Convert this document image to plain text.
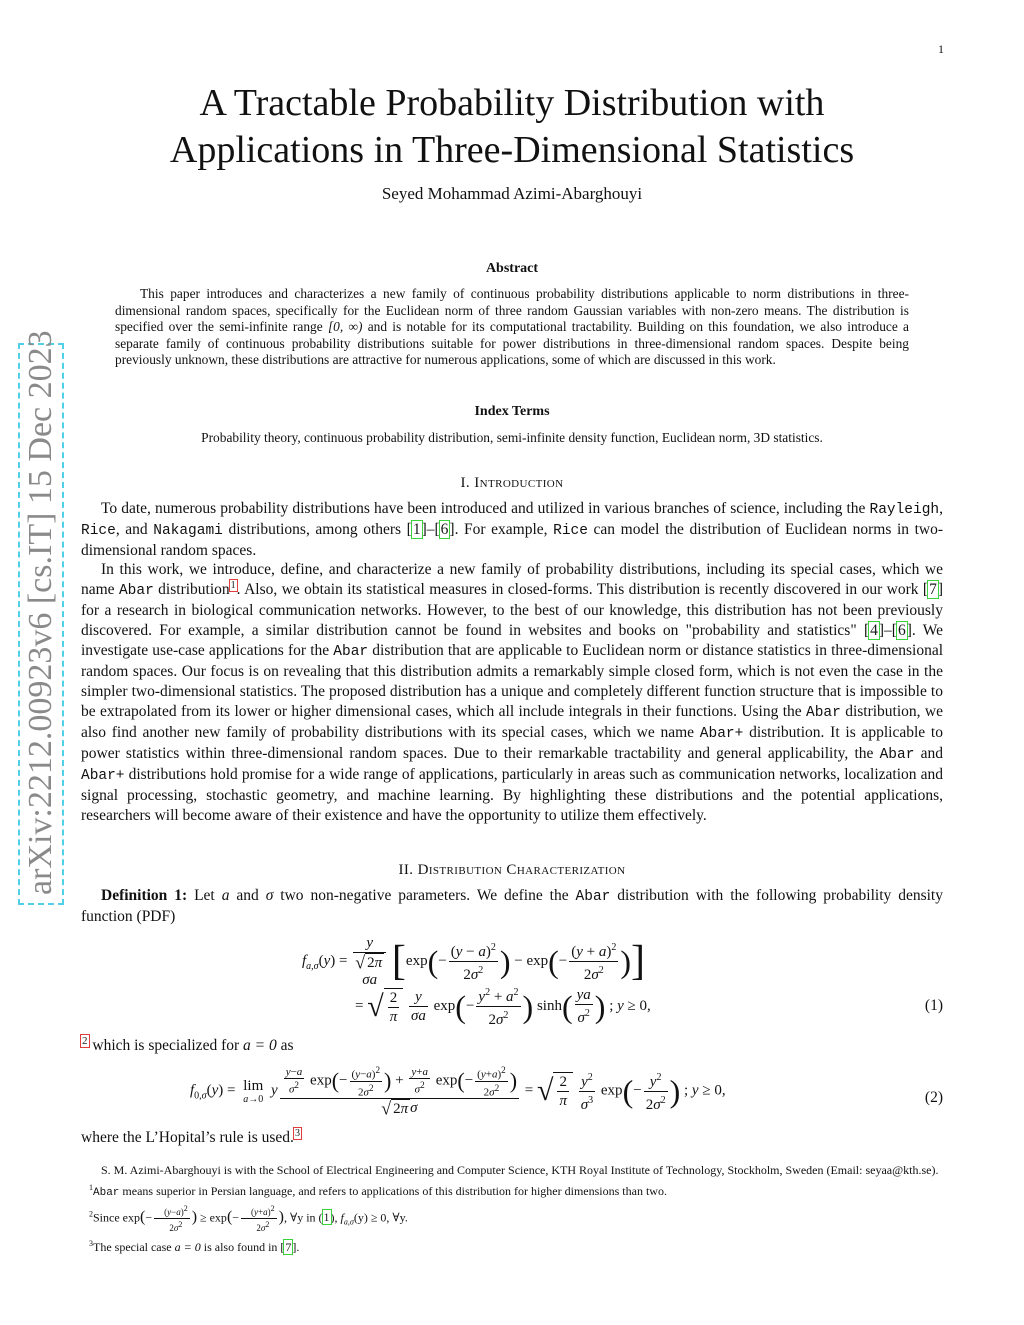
1
arXiv:2212.00923v6 [cs.IT] 15 Dec 2023
A Tractable Probability Distribution with
Applications in Three-Dimensional Statistics
Seyed Mohammad Azimi-Abarghouyi
Abstract
This paper introduces and characterizes a new family of continuous probability distributions applicable to norm distributions in three-dimensional random spaces, specifically for the Euclidean norm of three random Gaussian variables with non-zero means. The distribution is specified over the semi-infinite range [0, ∞) and is notable for its computational tractability. Building on this foundation, we also introduce a separate family of continuous probability distributions suitable for power distributions in three-dimensional random spaces. Despite being previously unknown, these distributions are attractive for numerous applications, some of which are discussed in this work.
Index Terms
Probability theory, continuous probability distribution, semi-infinite density function, Euclidean norm, 3D statistics.
I. Introduction
To date, numerous probability distributions have been introduced and utilized in various branches of science, including the Rayleigh, Rice, and Nakagami distributions, among others [1]–[6]. For example, Rice can model the distribution of Euclidean norms in two-dimensional random spaces.
In this work, we introduce, define, and characterize a new family of probability distributions, including its special cases, which we name Abar distribution$^1$. Also, we obtain its statistical measures in closed-forms. This distribution is recently discovered in our work [7] for a research in biological communication networks. However, to the best of our knowledge, this distribution has not been previously discovered. For example, a similar distribution cannot be found in websites and books on "probability and statistics" [4]–[6]. We investigate use-case applications for the Abar distribution that are applicable to Euclidean norm or distance statistics in three-dimensional random spaces. Our focus is on revealing that this distribution admits a remarkably simple closed form, which is not even the case in the simpler two-dimensional statistics. The proposed distribution has a unique and completely different function structure that is impossible to be extrapolated from its lower or higher dimensional cases, which all include integrals in their functions. Using the Abar distribution, we also find another new family of probability distributions with its special cases, which we name Abar+ distribution. It is applicable to power statistics within three-dimensional random spaces. Due to their remarkable tractability and general applicability, the Abar and Abar+ distributions hold promise for a wide range of applications, particularly in areas such as communication networks, localization and signal processing, stochastic geometry, and machine learning. By highlighting these distributions and the potential applications, researchers will become aware of their existence and have the opportunity to utilize them effectively.
II. Distribution Characterization
Definition 1: Let a and σ two non-negative parameters. We define the Abar distribution with the following probability density function (PDF)
$f_{a,\sigma}(y)$ =
y
√ 2π
σa [$\exp(- \frac{(y - a)^2}{2\sigma^2}$ ) − $\exp(- \frac{(y + a)^2}{2\sigma^2}$ )]
= √ $\frac{2}{\pi}$
$\frac{y}{\sigma a} \exp(- \frac{y^2 + a^2}{2\sigma^2}$ ) $\sinh( \frac{ya}{\sigma^2}$ ) ; y ≥ 0,	(1)
$^2$ which is specialized for a = 0 as
$f_{0,\sigma}(y) = \lim$
a→0
y $\frac{y-a}{\sigma^2} \exp(- \frac{(y-a)^2}{2\sigma^2}$ ) + $\frac{y+a}{\sigma^2} \exp(- \frac{(y+a)^2}{2\sigma^2}$ )
√ 2π σ
= √ $\frac{2}{\pi}$
$\frac{y^2}{\sigma^3} \exp(- \frac{y^2}{2\sigma^2}$ ) ; y ≥ 0,	(2)
where the L’Hopital’s rule is used.$^3$

S. M. Azimi-Abarghouyi is with the School of Electrical Engineering and Computer Science, KTH Royal Institute of Technology, Stockholm, Sweden (Email: seyaa@kth.se).

$^1$Abar means superior in Persian language, and refers to applications of this distribution for higher dimensions than two.

$^2$Since $\exp(- \frac{(y-a)^2}{2\sigma^2}$ ) ≥ $\exp(- \frac{(y+a)^2}{2\sigma^2}$ ), ∀y in (1), $f_{a,\sigma}(y) \ge 0$, ∀y.

$^3$The special case a = 0 is also found in [7].
